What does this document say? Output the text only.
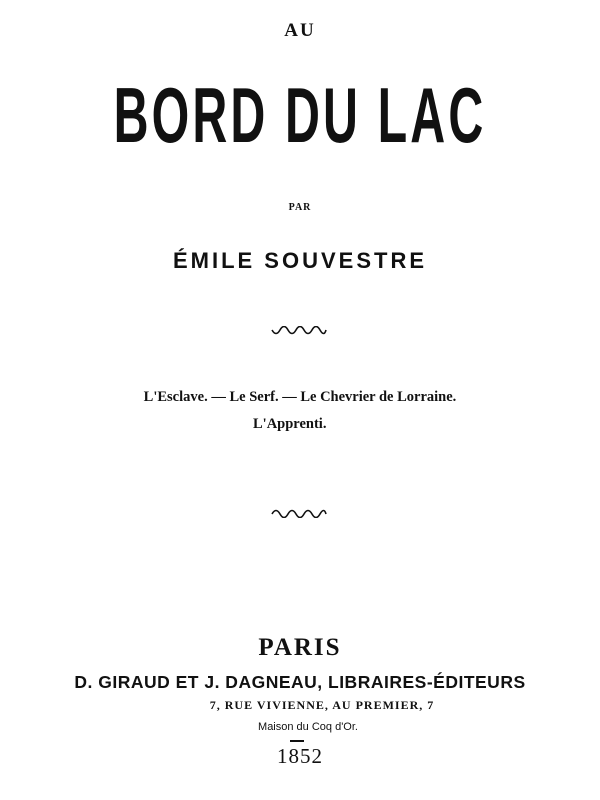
AU
BORD DU LAC
PAR
ÉMILE SOUVESTRE
L'Esclave. — Le Serf. — Le Chevrier de Lorraine.
L'Apprenti.
PARIS
D. GIRAUD ET J. DAGNEAU, LIBRAIRES-ÉDITEURS
7, RUE VIVIENNE, AU PREMIER, 7
Maison du Coq d'Or.
1852
